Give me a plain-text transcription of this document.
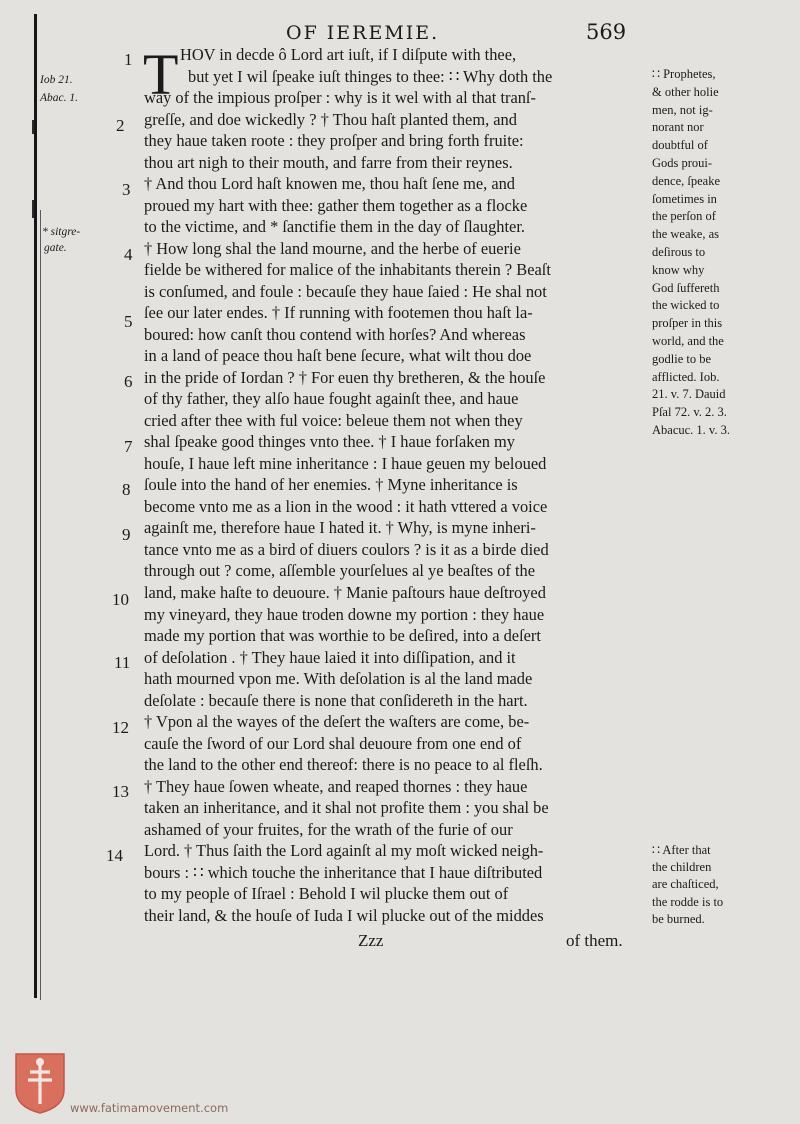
OF IEREMIE.	569
Iob 21.
Abac. 1.
* sitgre-
gate.
1
2
3
4
5
6
7
8
9
10
11
12
13
14
T HOV in decde ô Lord art iuſt, if I diſpute with thee,
but yet I wil ſpeake iuſt thinges to thee: ∷ Why doth the
way of the impious proſper : why is it wel with al that tranſ-
greſſe, and doe wickedly ? † Thou haſt planted them, and
they haue taken roote : they proſper and bring forth fruite:
thou art nigh to their mouth, and farre from their reynes.
† And thou Lord haſt knowen me, thou haſt ſene me, and
proued my hart with thee: gather them together as a flocke
to the victime, and * ſanctifie them in the day of ſlaughter.
† How long shal the land mourne, and the herbe of euerie
fielde be withered for malice of the inhabitants therein ? Beaſt
is conſumed, and foule : becauſe they haue ſaied : He shal not
ſee our later endes. † If running with footemen thou haſt la-
boured: how canſt thou contend with horſes? And whereas
in a land of peace thou haſt bene ſecure, what wilt thou doe
in the pride of Iordan ? † For euen thy bretheren, & the houſe
of thy father, they alſo haue fought againſt thee, and haue
cried after thee with ful voice: beleue them not when they
shal ſpeake good thinges vnto thee. † I haue forſaken my
houſe, I haue left mine inheritance : I haue geuen my beloued
ſoule into the hand of her enemies. † Myne inheritance is
become vnto me as a lion in the wood : it hath vttered a voice
againſt me, therefore haue I hated it. † Why, is myne inheri-
tance vnto me as a bird of diuers coulors ? is it as a birde died
through out ? come, aſſemble yourſelues al ye beaſtes of the
land, make haſte to deuoure. † Manie paſtours haue deſtroyed
my vineyard, they haue troden downe my portion : they haue
made my portion that was worthie to be deſired, into a deſert
of deſolation . † They haue laied it into diſſipation, and it
hath mourned vpon me. With deſolation is al the land made
deſolate : becauſe there is none that conſidereth in the hart.
† Vpon al the wayes of the deſert the waſters are come, be-
cauſe the ſword of our Lord shal deuoure from one end of
the land to the other end thereof: there is no peace to al fleſh.
† They haue ſowen wheate, and reaped thornes : they haue
taken an inheritance, and it shal not profite them : you shal be
ashamed of your fruites, for the wrath of the furie of our
Lord. † Thus ſaith the Lord againſt al my moſt wicked neigh-
bours : ∷ which touche the inheritance that I haue diſtributed
to my people of Iſrael : Behold I wil plucke them out of
their land, & the houſe of Iuda I wil plucke out of the middes
∷ Prophetes,
& other holie
men, not ig-
norant nor
doubtful of
Gods proui-
dence, ſpeake
ſometimes in
the perſon of
the weake, as
deſirous to
know why
God ſuffereth
the wicked to
proſper in this
world, and the
godlie to be
afflicted. Iob.
21. v. 7. Dauid
Pſal 72. v. 2. 3.
Abacuc. 1. v. 3.
∷ After that
the children
are chaſticed,
the rodde is to
be burned.
Zzz	of them.
www.fatimamovement.com
